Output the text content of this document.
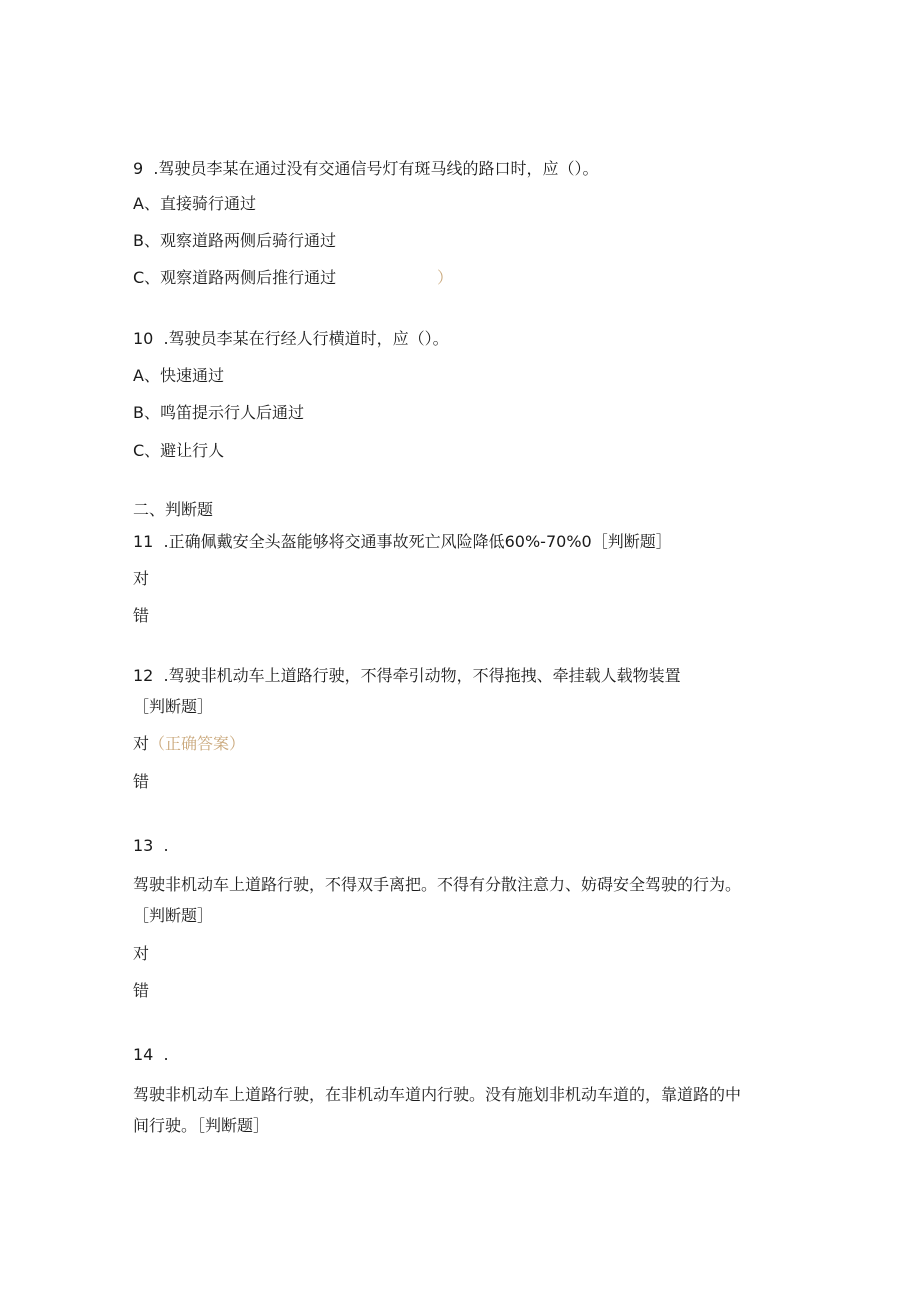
9  .驾驶员李某在通过没有交通信号灯有斑马线的路口时，应（）。
A、直接骑行通过
B、观察道路两侧后骑行通过
C、观察道路两侧后推行通过	）
10  .驾驶员李某在行经人行横道时，应（）。
A、快速通过
B、鸣笛提示行人后通过
C、避让行人
二、判断题
11  .正确佩戴安全头盔能够将交通事故死亡风险降低60%-70%0［判断题］
对
错
12  .驾驶非机动车上道路行驶，不得牵引动物，不得拖拽、牵挂载人载物装置
［判断题］
对（正确答案）
错
13  .
驾驶非机动车上道路行驶，不得双手离把。不得有分散注意力、妨碍安全驾驶的行为。
［判断题］
对
错
14  .
驾驶非机动车上道路行驶，在非机动车道内行驶。没有施划非机动车道的，靠道路的中
间行驶。［判断题］
